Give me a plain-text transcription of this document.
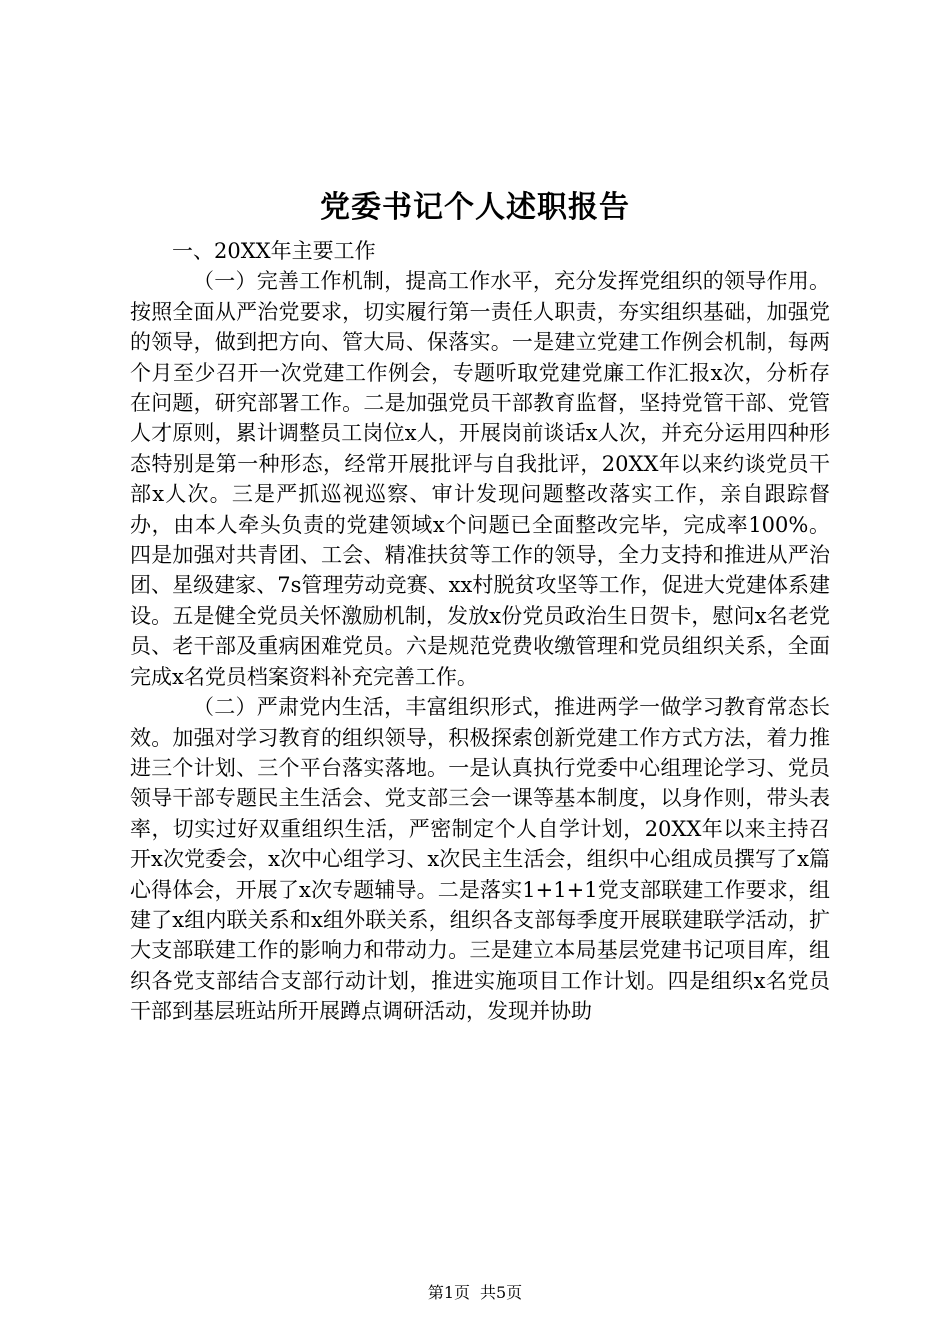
党委书记个人述职报告

一、20XX年主要工作

（一）完善工作机制，提高工作水平，充分发挥党组织的领导作用。按照全面从严治党要求，切实履行第一责任人职责，夯实组织基础，加强党的领导，做到把方向、管大局、保落实。一是建立党建工作例会机制，每两个月至少召开一次党建工作例会，专题听取党建党廉工作汇报x次，分析存在问题，研究部署工作。二是加强党员干部教育监督，坚持党管干部、党管人才原则，累计调整员工岗位x人，开展岗前谈话x人次，并充分运用四种形态特别是第一种形态，经常开展批评与自我批评，20XX年以来约谈党员干部x人次。三是严抓巡视巡察、审计发现问题整改落实工作，亲自跟踪督办，由本人牵头负责的党建领域x个问题已全面整改完毕，完成率100%。四是加强对共青团、工会、精准扶贫等工作的领导，全力支持和推进从严治团、星级建家、7s管理劳动竞赛、xx村脱贫攻坚等工作，促进大党建体系建设。五是健全党员关怀激励机制，发放x份党员政治生日贺卡，慰问x名老党员、老干部及重病困难党员。六是规范党费收缴管理和党员组织关系，全面完成x名党员档案资料补充完善工作。

（二）严肃党内生活，丰富组织形式，推进两学一做学习教育常态长效。加强对学习教育的组织领导，积极探索创新党建工作方式方法，着力推进三个计划、三个平台落实落地。一是认真执行党委中心组理论学习、党员领导干部专题民主生活会、党支部三会一课等基本制度，以身作则，带头表率，切实过好双重组织生活，严密制定个人自学计划，20XX年以来主持召开x次党委会，x次中心组学习、x次民主生活会，组织中心组成员撰写了x篇心得体会，开展了x次专题辅导。二是落实1+1+1党支部联建工作要求，组建了x组内联关系和x组外联关系，组织各支部每季度开展联建联学活动，扩大支部联建工作的影响力和带动力。三是建立本局基层党建书记项目库，组织各党支部结合支部行动计划，推进实施项目工作计划。四是组织x名党员干部到基层班站所开展蹲点调研活动，发现并协助

第1页 共5页
